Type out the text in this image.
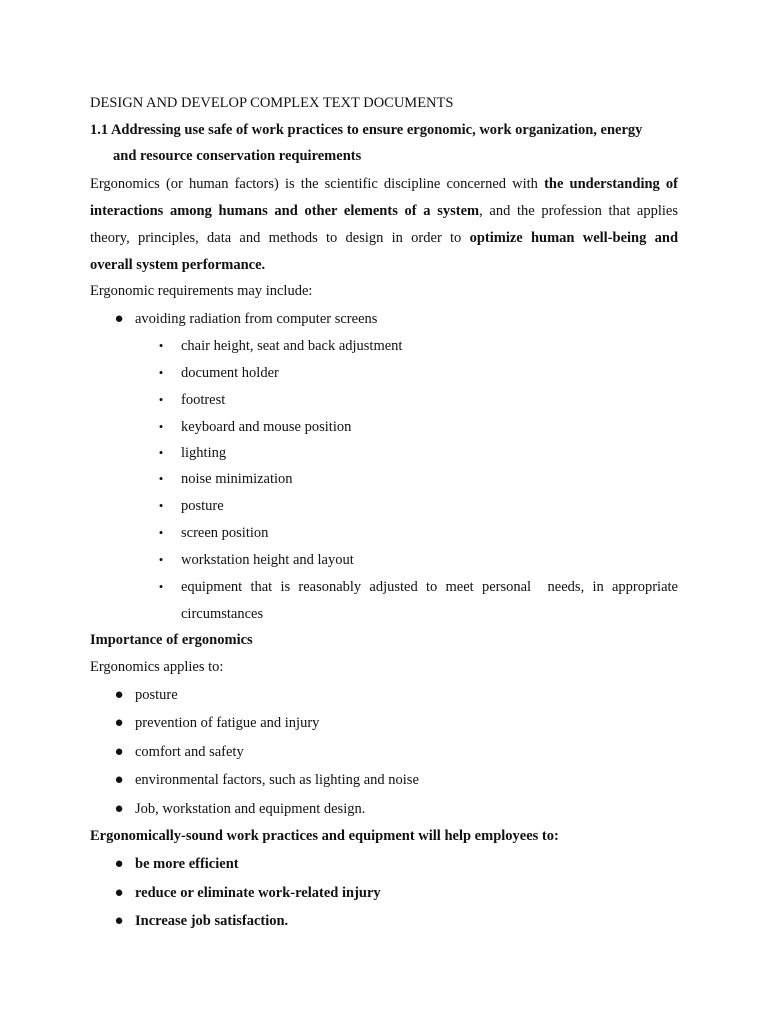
DESIGN AND DEVELOP COMPLEX TEXT DOCUMENTS
1.1 Addressing use safe of work practices to ensure ergonomic, work organization, energy
and resource conservation requirements
Ergonomics (or human factors) is the scientific discipline concerned with the understanding of
interactions among humans and other elements of a system, and the profession that applies
theory, principles, data and methods to design in order to optimize human well-being and
overall system performance.
Ergonomic requirements may include:
● avoiding radiation from computer screens
• chair height, seat and back adjustment
• document holder
• footrest
• keyboard and mouse position
• lighting
• noise minimization
• posture
• screen position
• workstation height and layout
• equipment that is reasonably adjusted to meet personal  needs, in appropriate
circumstances
Importance of ergonomics
Ergonomics applies to:
● posture
● prevention of fatigue and injury
● comfort and safety
● environmental factors, such as lighting and noise
● Job, workstation and equipment design.
Ergonomically-sound work practices and equipment will help employees to:
● be more efficient
● reduce or eliminate work-related injury
● Increase job satisfaction.
